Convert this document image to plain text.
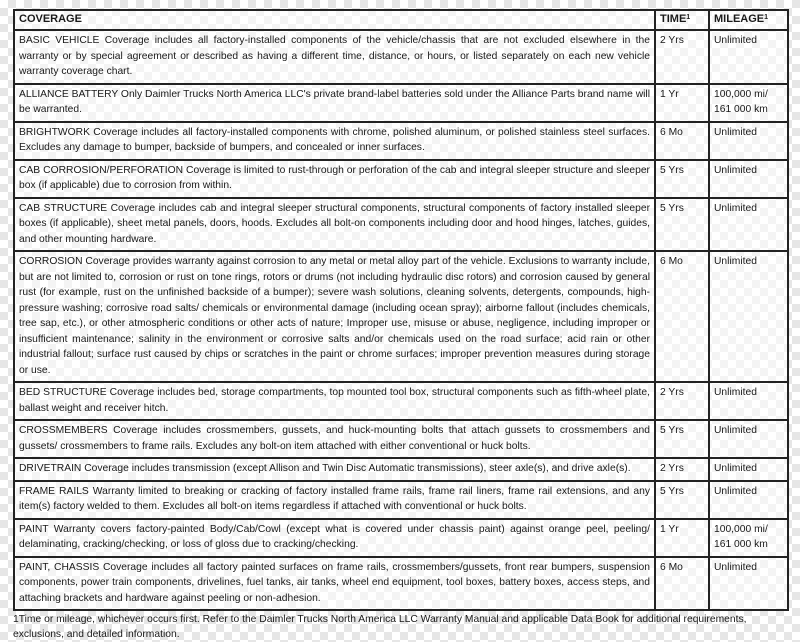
COVERAGE	TIME$^1$	MILEAGE$^1$
BASIC VEHICLE Coverage includes all factory-installed components of the vehicle/chassis that are not excluded elsewhere in the warranty or by special agreement or described as having a different time, distance, or hours, or listed separately on each new vehicle warranty coverage chart.	2 Yrs	Unlimited
ALLIANCE BATTERY Only Daimler Trucks North America LLC's private brand-label batteries sold under the Alliance Parts brand name will be warranted.	1 Yr	100,000 mi/ 161 000 km
BRIGHTWORK Coverage includes all factory-installed components with chrome, polished aluminum, or polished stainless steel surfaces. Excludes any damage to bumper, backside of bumpers, and concealed or inner surfaces.	6 Mo	Unlimited
CAB CORROSION/PERFORATION Coverage is limited to rust-through or perforation of the cab and integral sleeper structure and sleeper box (if applicable) due to corrosion from within.	5 Yrs	Unlimited
CAB STRUCTURE Coverage includes cab and integral sleeper structural components, structural components of factory installed sleeper boxes (if applicable), sheet metal panels, doors, hoods. Excludes all bolt-on components including door and hood hinges, latches, guides, and other mounting hardware.	5 Yrs	Unlimited
CORROSION Coverage provides warranty against corrosion to any metal or metal alloy part of the vehicle. Exclusions to warranty include, but are not limited to, corrosion or rust on tone rings, rotors or drums (not including hydraulic disc rotors) and corrosion caused by general rust (for example, rust on the unfinished backside of a bumper); severe wash solutions, cleaning solvents, detergents, compounds, high-pressure washing; corrosive road salts/ chemicals or environmental damage (including ocean spray); airborne fallout (includes chemicals, tree sap, etc.), or other atmospheric conditions or other acts of nature; Improper use, misuse or abuse, negligence, including improper or insufficient maintenance; salinity in the environment or corrosive salts and/or chemicals used on the road surface; acid rain or other industrial fallout; surface rust caused by chips or scratches in the paint or chrome surfaces; improper prevention measures during storage or use.	6 Mo	Unlimited
BED STRUCTURE Coverage includes bed, storage compartments, top mounted tool box, structural components such as fifth-wheel plate, ballast weight and receiver hitch.	2 Yrs	Unlimited
CROSSMEMBERS Coverage includes crossmembers, gussets, and huck-mounting bolts that attach gussets to crossmembers and gussets/ crossmembers to frame rails. Excludes any bolt-on item attached with either conventional or huck bolts.	5 Yrs	Unlimited
DRIVETRAIN Coverage includes transmission (except Allison and Twin Disc Automatic transmissions), steer axle(s), and drive axle(s).	2 Yrs	Unlimited
FRAME RAILS Warranty limited to breaking or cracking of factory installed frame rails, frame rail liners, frame rail extensions, and any item(s) factory welded to them. Excludes all bolt-on items regardless if attached with conventional or huck bolts.	5 Yrs	Unlimited
PAINT Warranty covers factory-painted Body/Cab/Cowl (except what is covered under chassis paint) against orange peel, peeling/ delaminating, cracking/checking, or loss of gloss due to cracking/checking.	1 Yr	100,000 mi/ 161 000 km
PAINT, CHASSIS Coverage includes all factory painted surfaces on frame rails, crossmembers/gussets, front rear bumpers, suspension components, power train components, drivelines, fuel tanks, air tanks, wheel end equipment, tool boxes, battery boxes, access steps, and attaching brackets and hardware against peeling or non-adhesion.	6 Mo	Unlimited
1Time or mileage, whichever occurs first. Refer to the Daimler Trucks North America LLC Warranty Manual and applicable Data Book for additional requirements, exclusions, and detailed information.
